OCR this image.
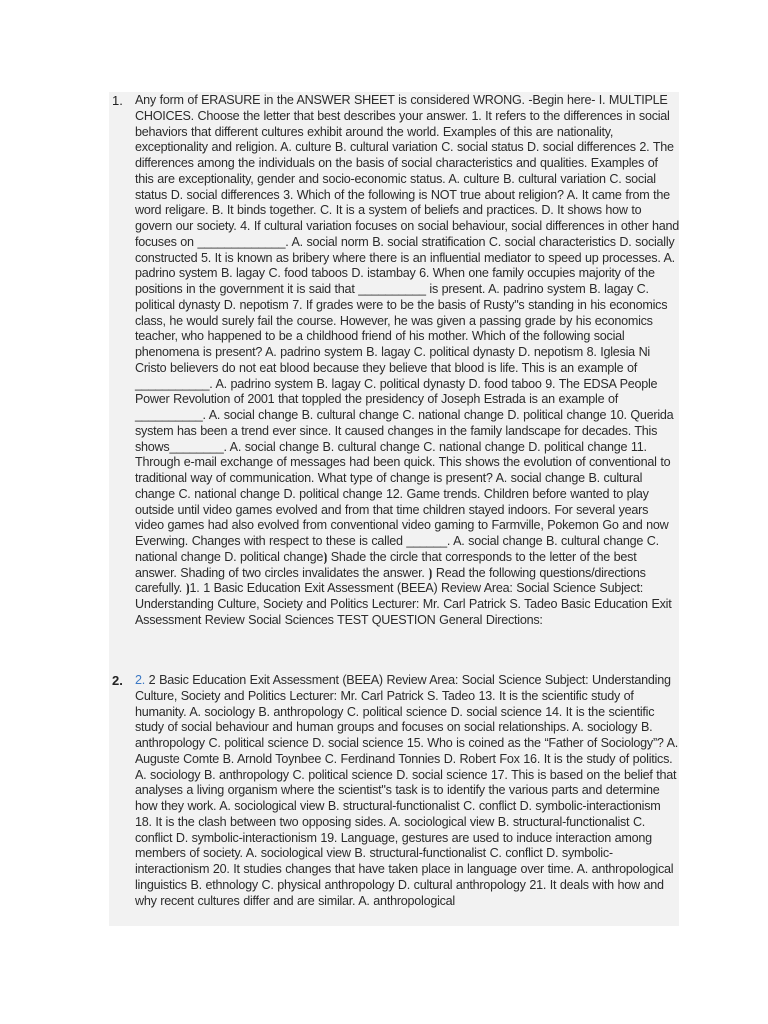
1. Any form of ERASURE in the ANSWER SHEET is considered WRONG. -Begin here- I. MULTIPLE CHOICES. Choose the letter that best describes your answer. 1. It refers to the differences in social behaviors that different cultures exhibit around the world. Examples of this are nationality, exceptionality and religion. A. culture B. cultural variation C. social status D. social differences 2. The differences among the individuals on the basis of social characteristics and qualities. Examples of this are exceptionality, gender and socio-economic status. A. culture B. cultural variation C. social status D. social differences 3. Which of the following is NOT true about religion? A. It came from the word religare. B. It binds together. C. It is a system of beliefs and practices. D. It shows how to govern our society. 4. If cultural variation focuses on social behaviour, social differences in other hand focuses on _____________. A. social norm B. social stratification C. social characteristics D. socially constructed 5. It is known as bribery where there is an influential mediator to speed up processes. A. padrino system B. lagay C. food taboos D. istambay 6. When one family occupies majority of the positions in the government it is said that __________ is present. A. padrino system B. lagay C. political dynasty D. nepotism 7. If grades were to be the basis of Rusty"s standing in his economics class, he would surely fail the course. However, he was given a passing grade by his economics teacher, who happened to be a childhood friend of his mother. Which of the following social phenomena is present? A. padrino system B. lagay C. political dynasty D. nepotism 8. Iglesia Ni Cristo believers do not eat blood because they believe that blood is life. This is an example of ___________. A. padrino system B. lagay C. political dynasty D. food taboo 9. The EDSA People Power Revolution of 2001 that toppled the presidency of Joseph Estrada is an example of __________. A. social change B. cultural change C. national change D. political change 10. Querida system has been a trend ever since. It caused changes in the family landscape for decades. This shows________. A. social change B. cultural change C. national change D. political change 11. Through e-mail exchange of messages had been quick. This shows the evolution of conventional to traditional way of communication. What type of change is present? A. social change B. cultural change C. national change D. political change 12. Game trends. Children before wanted to play outside until video games evolved and from that time children stayed indoors. For several years video games had also evolved from conventional video gaming to Farmville, Pokemon Go and now Everwing. Changes with respect to these is called ______. A. social change B. cultural change C. national change D. political change⦘ Shade the circle that corresponds to the letter of the best answer. Shading of two circles invalidates the answer. ⦘ Read the following questions/directions carefully. ⦘1. 1 Basic Education Exit Assessment (BEEA) Review Area: Social Science Subject: Understanding Culture, Society and Politics Lecturer: Mr. Carl Patrick S. Tadeo Basic Education Exit Assessment Review Social Sciences TEST QUESTION General Directions:

2. 2. 2 Basic Education Exit Assessment (BEEA) Review Area: Social Science Subject: Understanding Culture, Society and Politics Lecturer: Mr. Carl Patrick S. Tadeo 13. It is the scientific study of humanity. A. sociology B. anthropology C. political science D. social science 14. It is the scientific study of social behaviour and human groups and focuses on social relationships. A. sociology B. anthropology C. political science D. social science 15. Who is coined as the “Father of Sociology”? A. Auguste Comte B. Arnold Toynbee C. Ferdinand Tonnies D. Robert Fox 16. It is the study of politics. A. sociology B. anthropology C. political science D. social science 17. This is based on the belief that analyses a living organism where the scientist"s task is to identify the various parts and determine how they work. A. sociological view B. structural-functionalist C. conflict D. symbolic-interactionism 18. It is the clash between two opposing sides. A. sociological view B. structural-functionalist C. conflict D. symbolic-interactionism 19. Language, gestures are used to induce interaction among members of society. A. sociological view B. structural-functionalist C. conflict D. symbolic-interactionism 20. It studies changes that have taken place in language over time. A. anthropological linguistics B. ethnology C. physical anthropology D. cultural anthropology 21. It deals with how and why recent cultures differ and are similar. A. anthropological
